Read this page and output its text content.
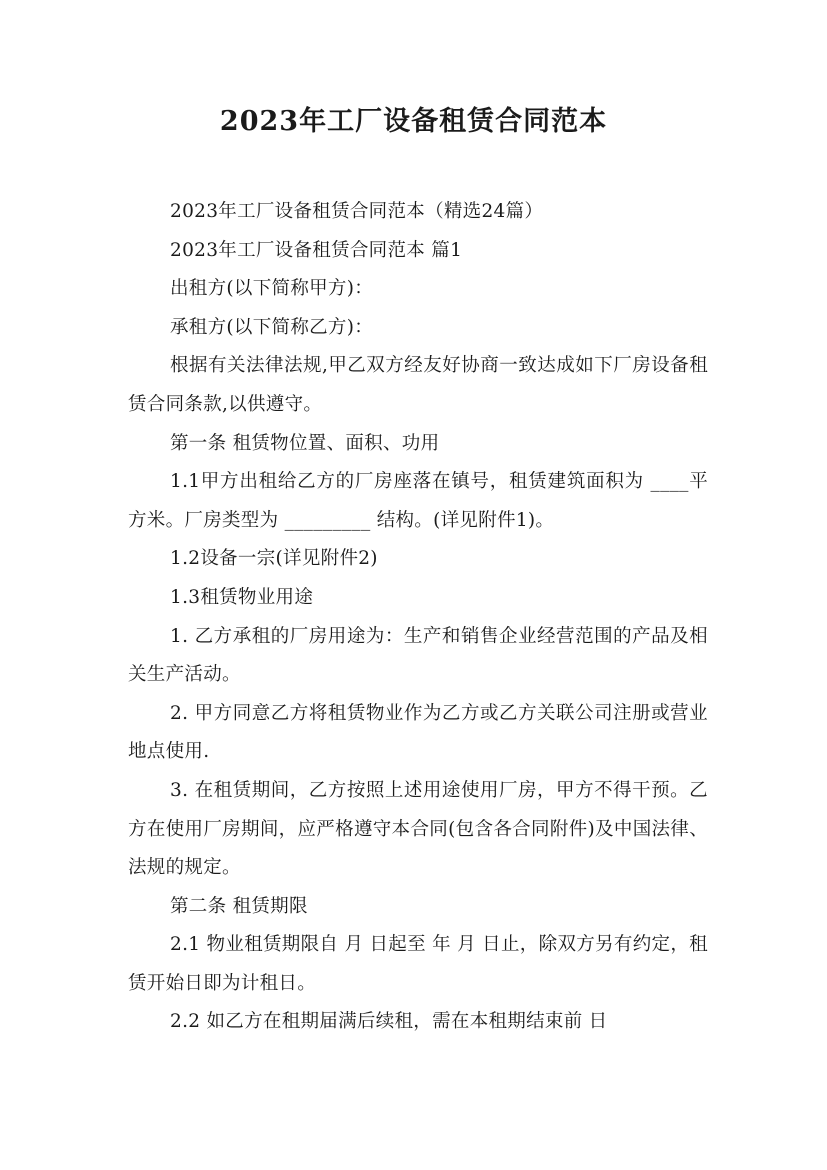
2023年工厂设备租赁合同范本

2023年工厂设备租赁合同范本（精选24篇）

2023年工厂设备租赁合同范本 篇1

出租方(以下简称甲方)：

承租方(以下简称乙方)：

根据有关法律法规,甲乙双方经友好协商一致达成如下厂房设备租赁合同条款,以供遵守。

第一条 租赁物位置、面积、功用

1.1甲方出租给乙方的厂房座落在镇号，租赁建筑面积为 ____平方米。厂房类型为 _________ 结构。(详见附件1)。

1.2设备一宗(详见附件2)

1.3租赁物业用途

1. 乙方承租的厂房用途为：生产和销售企业经营范围的产品及相关生产活动。

2. 甲方同意乙方将租赁物业作为乙方或乙方关联公司注册或营业地点使用.

3. 在租赁期间，乙方按照上述用途使用厂房，甲方不得干预。乙方在使用厂房期间，应严格遵守本合同(包含各合同附件)及中国法律、法规的规定。

第二条 租赁期限

2.1 物业租赁期限自 月 日起至 年 月 日止，除双方另有约定，租赁开始日即为计租日。

2.2 如乙方在租期届满后续租，需在本租期结束前 日
